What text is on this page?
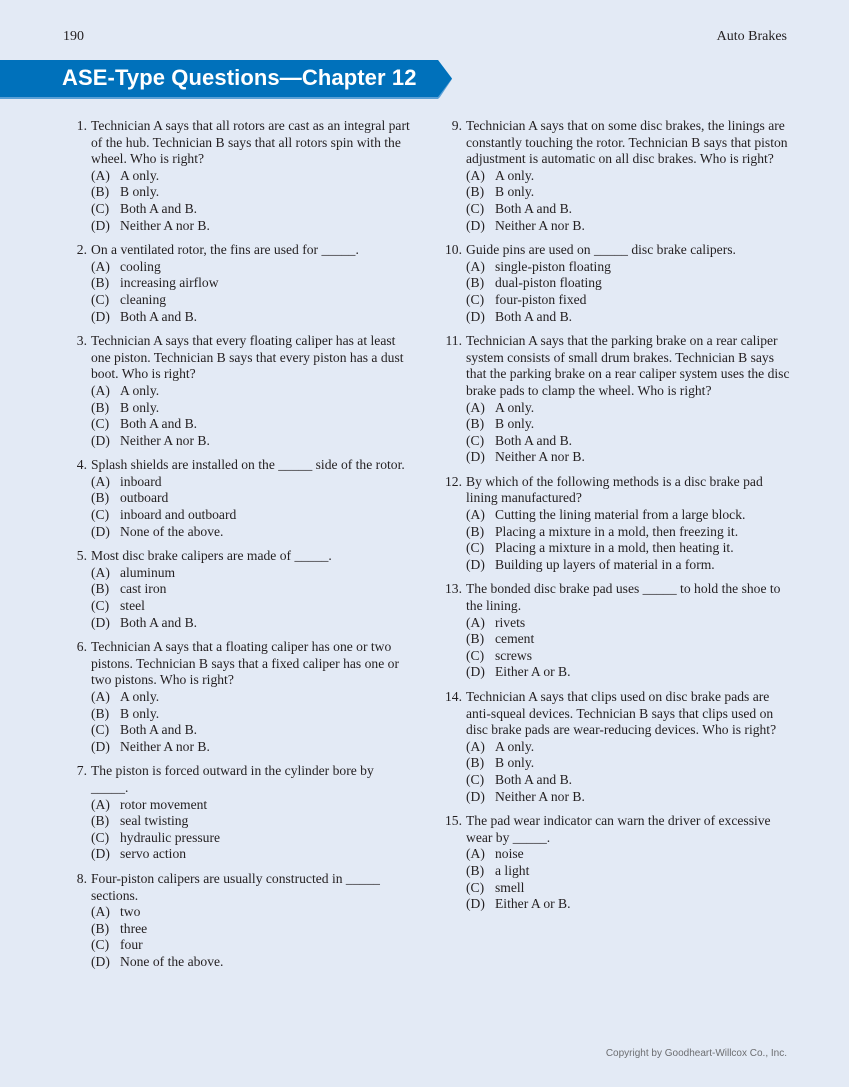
190	Auto Brakes
ASE-Type Questions—Chapter 12
1. Technician A says that all rotors are cast as an integral part of the hub. Technician B says that all rotors spin with the wheel. Who is right?
(A) A only.
(B) B only.
(C) Both A and B.
(D) Neither A nor B.
2. On a ventilated rotor, the fins are used for _____.
(A) cooling
(B) increasing airflow
(C) cleaning
(D) Both A and B.
3. Technician A says that every floating caliper has at least one piston. Technician B says that every piston has a dust boot. Who is right?
(A) A only.
(B) B only.
(C) Both A and B.
(D) Neither A nor B.
4. Splash shields are installed on the _____ side of the rotor.
(A) inboard
(B) outboard
(C) inboard and outboard
(D) None of the above.
5. Most disc brake calipers are made of _____.
(A) aluminum
(B) cast iron
(C) steel
(D) Both A and B.
6. Technician A says that a floating caliper has one or two pistons. Technician B says that a fixed caliper has one or two pistons. Who is right?
(A) A only.
(B) B only.
(C) Both A and B.
(D) Neither A nor B.
7. The piston is forced outward in the cylinder bore by _____.
(A) rotor movement
(B) seal twisting
(C) hydraulic pressure
(D) servo action
8. Four-piston calipers are usually constructed in _____ sections.
(A) two
(B) three
(C) four
(D) None of the above.
9. Technician A says that on some disc brakes, the linings are constantly touching the rotor. Technician B says that piston adjustment is automatic on all disc brakes. Who is right?
(A) A only.
(B) B only.
(C) Both A and B.
(D) Neither A nor B.
10. Guide pins are used on _____ disc brake calipers.
(A) single-piston floating
(B) dual-piston floating
(C) four-piston fixed
(D) Both A and B.
11. Technician A says that the parking brake on a rear caliper system consists of small drum brakes. Technician B says that the parking brake on a rear caliper system uses the disc brake pads to clamp the wheel. Who is right?
(A) A only.
(B) B only.
(C) Both A and B.
(D) Neither A nor B.
12. By which of the following methods is a disc brake pad lining manufactured?
(A) Cutting the lining material from a large block.
(B) Placing a mixture in a mold, then freezing it.
(C) Placing a mixture in a mold, then heating it.
(D) Building up layers of material in a form.
13. The bonded disc brake pad uses _____ to hold the shoe to the lining.
(A) rivets
(B) cement
(C) screws
(D) Either A or B.
14. Technician A says that clips used on disc brake pads are anti-squeal devices. Technician B says that clips used on disc brake pads are wear-reducing devices. Who is right?
(A) A only.
(B) B only.
(C) Both A and B.
(D) Neither A nor B.
15. The pad wear indicator can warn the driver of excessive wear by _____.
(A) noise
(B) a light
(C) smell
(D) Either A or B.
Copyright by Goodheart-Willcox Co., Inc.
